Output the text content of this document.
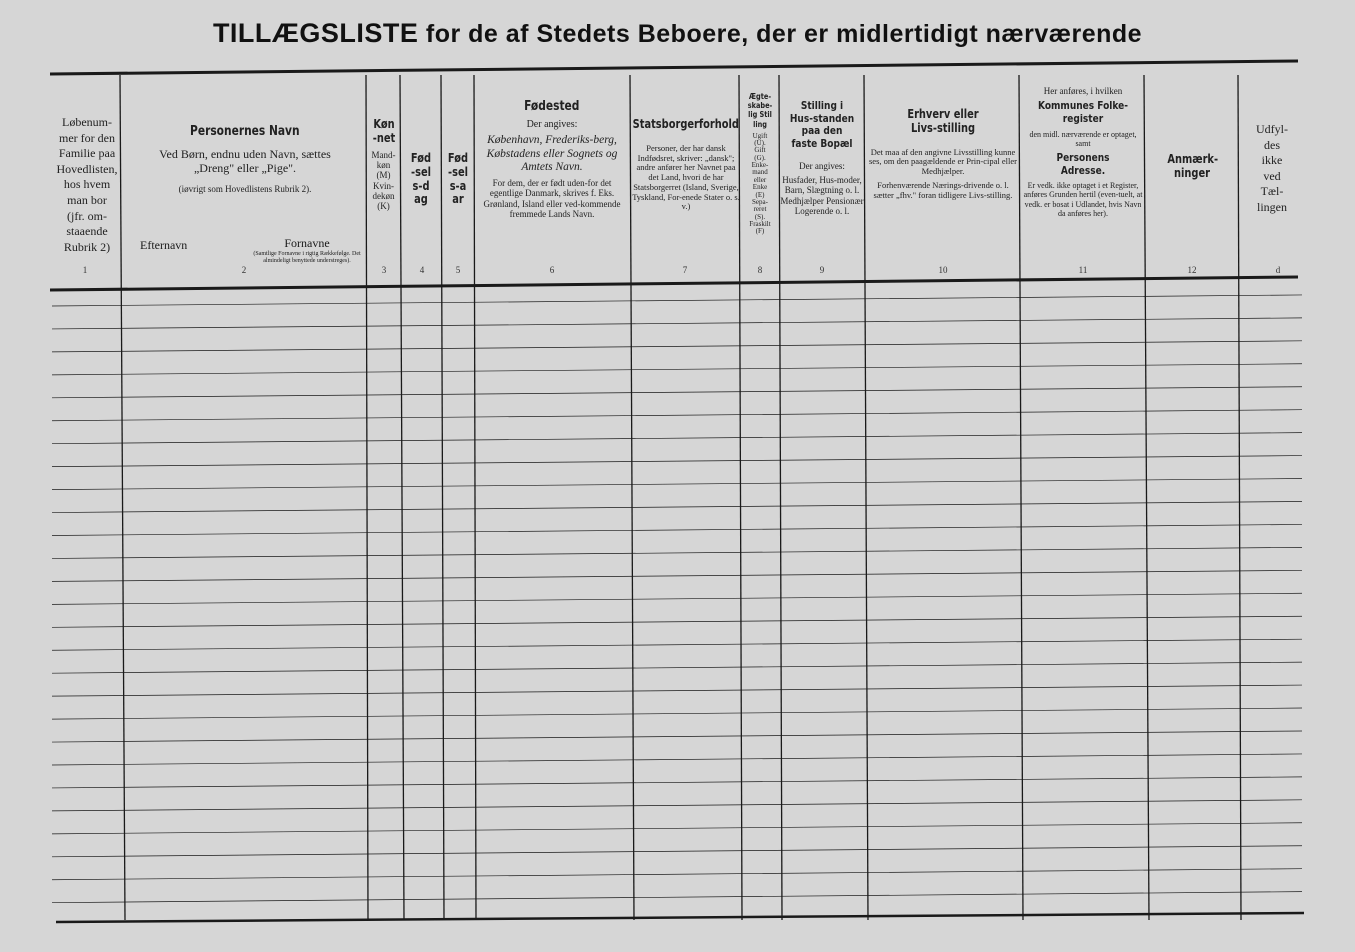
TILLÆGSLISTE for de af Stedets Beboere, der er midlertidigt nærværende
Løbenum-
mer for den
Familie paa
Hovedlisten,
hos hvem
man bor
(jfr. om-
staaende
Rubrik 2)
Personernes Navn
Ved Børn, endnu uden Navn, sættes
„Dreng" eller „Pige".
(iøvrigt som Hovedlistens Rubrik 2).
Efternavn	Fornavne
(Samtlige Fornavne i rigtig Rækkefølge. Det almindeligt benyttede understreges).
Køn-net
Mand-
køn
(M)
Kvin-
dekøn
(K)
Fød-sels-dag
Fød-sels-aar
Fødested
Der angives:
København, Frederiks-berg, Købstadens eller Sognets og Amtets Navn.
For dem, der er født uden-for det egentlige Danmark, skrives f. Eks. Grønland, Island eller ved-kommende fremmede Lands Navn.
Statsborgerforhold
Personer, der har dansk Indfødsret, skriver: „dansk"; andre anfører her Navnet paa det Land, hvori de har Statsborgerret (Island, Sverige, Tyskland, For-enede Stater o. s. v.)
Ægte-skabe-lig Stilling
Ugift
(U).
Gift
(G).
Enke-
mand
eller
Enke
(E)
Sepa-
reret
(S).
Fraskilt
(F)
Stilling i Hus-standen paa den faste Bopæl
Der angives:
Husfader, Hus-moder, Barn, Slægtning o. l. Medhjælper Pensionær Logerende o. l.
Erhverv eller Livs-stilling
Det maa af den angivne Livsstilling kunne ses, om den paagældende er Prin-cipal eller Medhjælper.
Forhenværende Nærings-drivende o. l. sætter „fhv." foran tidligere Livs-stilling.
Her anføres, i hvilken
Kommunes Folke-register
den midl. nærværende er optaget, samt
Personens Adresse.
Er vedk. ikke optaget i et Register, anføres Grunden hertil (even-tuelt, at vedk. er bosat i Udlandet, hvis Navn da anføres her).
Anmærk-ninger
Udfyl-
des
ikke
ved
Tæl-
lingen
1	2	3	4	5	6	7	8	9	10	11	12	d
